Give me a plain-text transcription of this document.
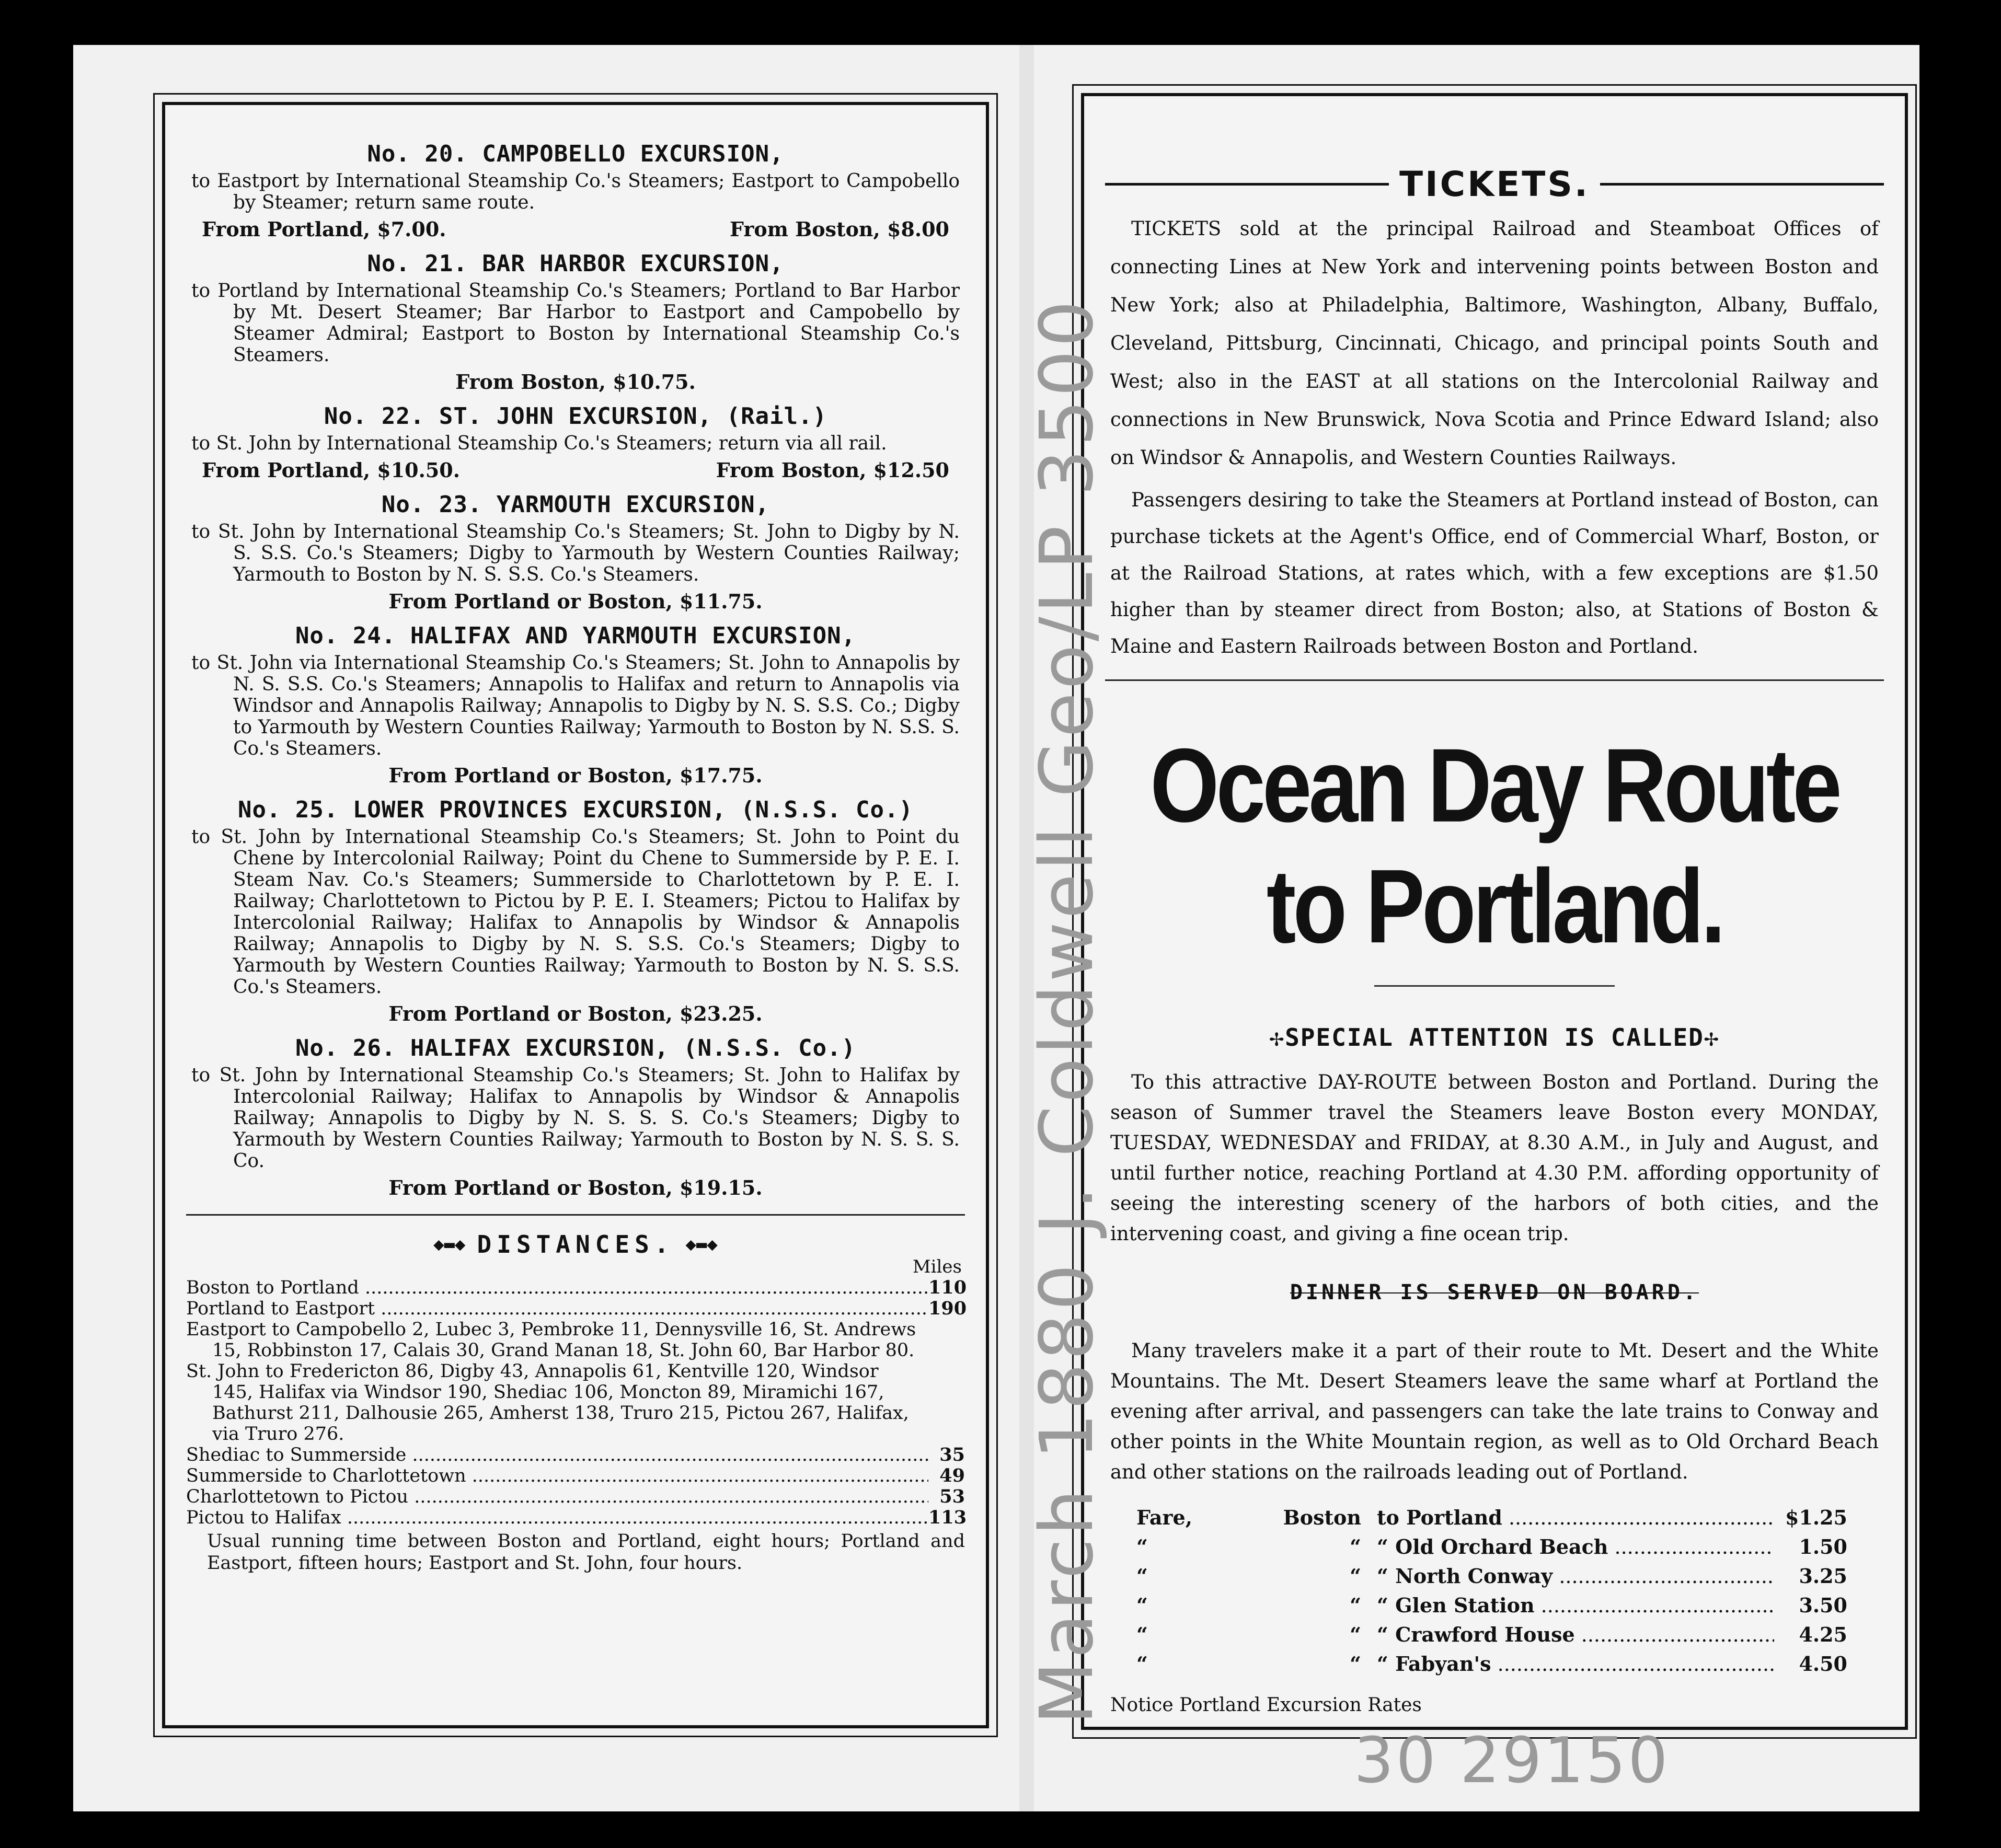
No. 20. CAMPOBELLO EXCURSION,
to Eastport by International Steamship Co.'s Steamers; Eastport to Campobello by Steamer; return same route.
From Portland, $7.00.	From Boston, $8.00
No. 21. BAR HARBOR EXCURSION,
to Portland by International Steamship Co.'s Steamers; Portland to Bar Harbor by Mt. Desert Steamer; Bar Harbor to Eastport and Campobello by Steamer Admiral; Eastport to Boston by International Steamship Co.'s Steamers.
From Boston, $10.75.
No. 22. ST. JOHN EXCURSION, (Rail.)
to St. John by International Steamship Co.'s Steamers; return via all rail.
From Portland, $10.50.	From Boston, $12.50
No. 23. YARMOUTH EXCURSION,
to St. John by International Steamship Co.'s Steamers; St. John to Digby by N. S. S.S. Co.'s Steamers; Digby to Yarmouth by Western Counties Railway; Yarmouth to Boston by N. S. S.S. Co.'s Steamers.
From Portland or Boston, $11.75.
No. 24. HALIFAX AND YARMOUTH EXCURSION,
to St. John via International Steamship Co.'s Steamers; St. John to Annapolis by N. S. S.S. Co.'s Steamers; Annapolis to Halifax and return to Annapolis via Windsor and Annapolis Railway; Annapolis to Digby by N. S. S.S. Co.; Digby to Yarmouth by Western Counties Railway; Yarmouth to Boston by N. S.S. S. Co.'s Steamers.
From Portland or Boston, $17.75.
No. 25. LOWER PROVINCES EXCURSION, (N.S.S. Co.)
to St. John by International Steamship Co.'s Steamers; St. John to Point du Chene by Intercolonial Railway; Point du Chene to Summerside by P. E. I. Steam Nav. Co.'s Steamers; Summerside to Charlottetown by P. E. I. Railway; Charlottetown to Pictou by P. E. I. Steamers; Pictou to Halifax by Intercolonial Railway; Halifax to Annapolis by Windsor & Annapolis Railway; Annapolis to Digby by N. S. S.S. Co.'s Steamers; Digby to Yarmouth by Western Counties Railway; Yarmouth to Boston by N. S. S.S. Co.'s Steamers.
From Portland or Boston, $23.25.
No. 26. HALIFAX EXCURSION, (N.S.S. Co.)
to St. John by International Steamship Co.'s Steamers; St. John to Halifax by Intercolonial Railway; Halifax to Annapolis by Windsor & Annapolis Railway; Annapolis to Digby by N. S. S. S. Co.'s Steamers; Digby to Yarmouth by Western Counties Railway; Yarmouth to Boston by N. S. S. S. Co.
From Portland or Boston, $19.15.
◆▬◆ DISTANCES. ◆▬◆
Miles
Boston to Portland .....	110
Portland to Eastport .....	190
Eastport to Campobello 2, Lubec 3, Pembroke 11, Dennysville 16, St. Andrews 15, Robbinston 17, Calais 30, Grand Manan 18, St. John 60, Bar Harbor 80.
St. John to Fredericton 86, Digby 43, Annapolis 61, Kentville 120, Windsor 145, Halifax via Windsor 190, Shediac 106, Moncton 89, Miramichi 167, Bathurst 211, Dalhousie 265, Amherst 138, Truro 215, Pictou 267, Halifax, via Truro 276.
Shediac to Summerside .....	35
Summerside to Charlottetown .....	49
Charlottetown to Pictou .....	53
Pictou to Halifax .....	113
Usual running time between Boston and Portland, eight hours; Portland and Eastport, fifteen hours; Eastport and St. John, four hours.
TICKETS.
TICKETS sold at the principal Railroad and Steamboat Offices of connecting Lines at New York and intervening points between Boston and New York; also at Philadelphia, Baltimore, Washington, Albany, Buffalo, Cleveland, Pittsburg, Cincinnati, Chicago, and principal points South and West; also in the EAST at all stations on the Intercolonial Railway and connections in New Brunswick, Nova Scotia and Prince Edward Island; also on Windsor & Annapolis, and Western Counties Railways.
Passengers desiring to take the Steamers at Portland instead of Boston, can purchase tickets at the Agent's Office, end of Commercial Wharf, Boston, or at the Railroad Stations, at rates which, with a few exceptions are $1.50 higher than by steamer direct from Boston; also, at Stations of Boston & Maine and Eastern Railroads between Boston and Portland.
Ocean Day Route to Portland.
✢SPECIAL ATTENTION IS CALLED✢
To this attractive DAY-ROUTE between Boston and Portland. During the season of Summer travel the Steamers leave Boston every MONDAY, TUESDAY, WEDNESDAY and FRIDAY, at 8.30 A.M., in July and August, and until further notice, reaching Portland at 4.30 P.M. affording opportunity of seeing the interesting scenery of the harbors of both cities, and the intervening coast, and giving a fine ocean trip.
DINNER IS SERVED ON BOARD.
Many travelers make it a part of their route to Mt. Desert and the White Mountains. The Mt. Desert Steamers leave the same wharf at Portland the evening after arrival, and passengers can take the late trains to Conway and other points in the White Mountain region, as well as to Old Orchard Beach and other stations on the railroads leading out of Portland.
Fare,	Boston to Portland .....	$1.25
“	“ “ Old Orchard Beach .....	1.50
“	“ “ North Conway .....	3.25
“	“ “ Glen Station .....	3.50
“	“ “ Crawford House .....	4.25
“	“ “ Fabyan's .....	4.50
Notice Portland Excursion Rates
March 1880 J. Coldwell Geo/LP 3500
30 29150
